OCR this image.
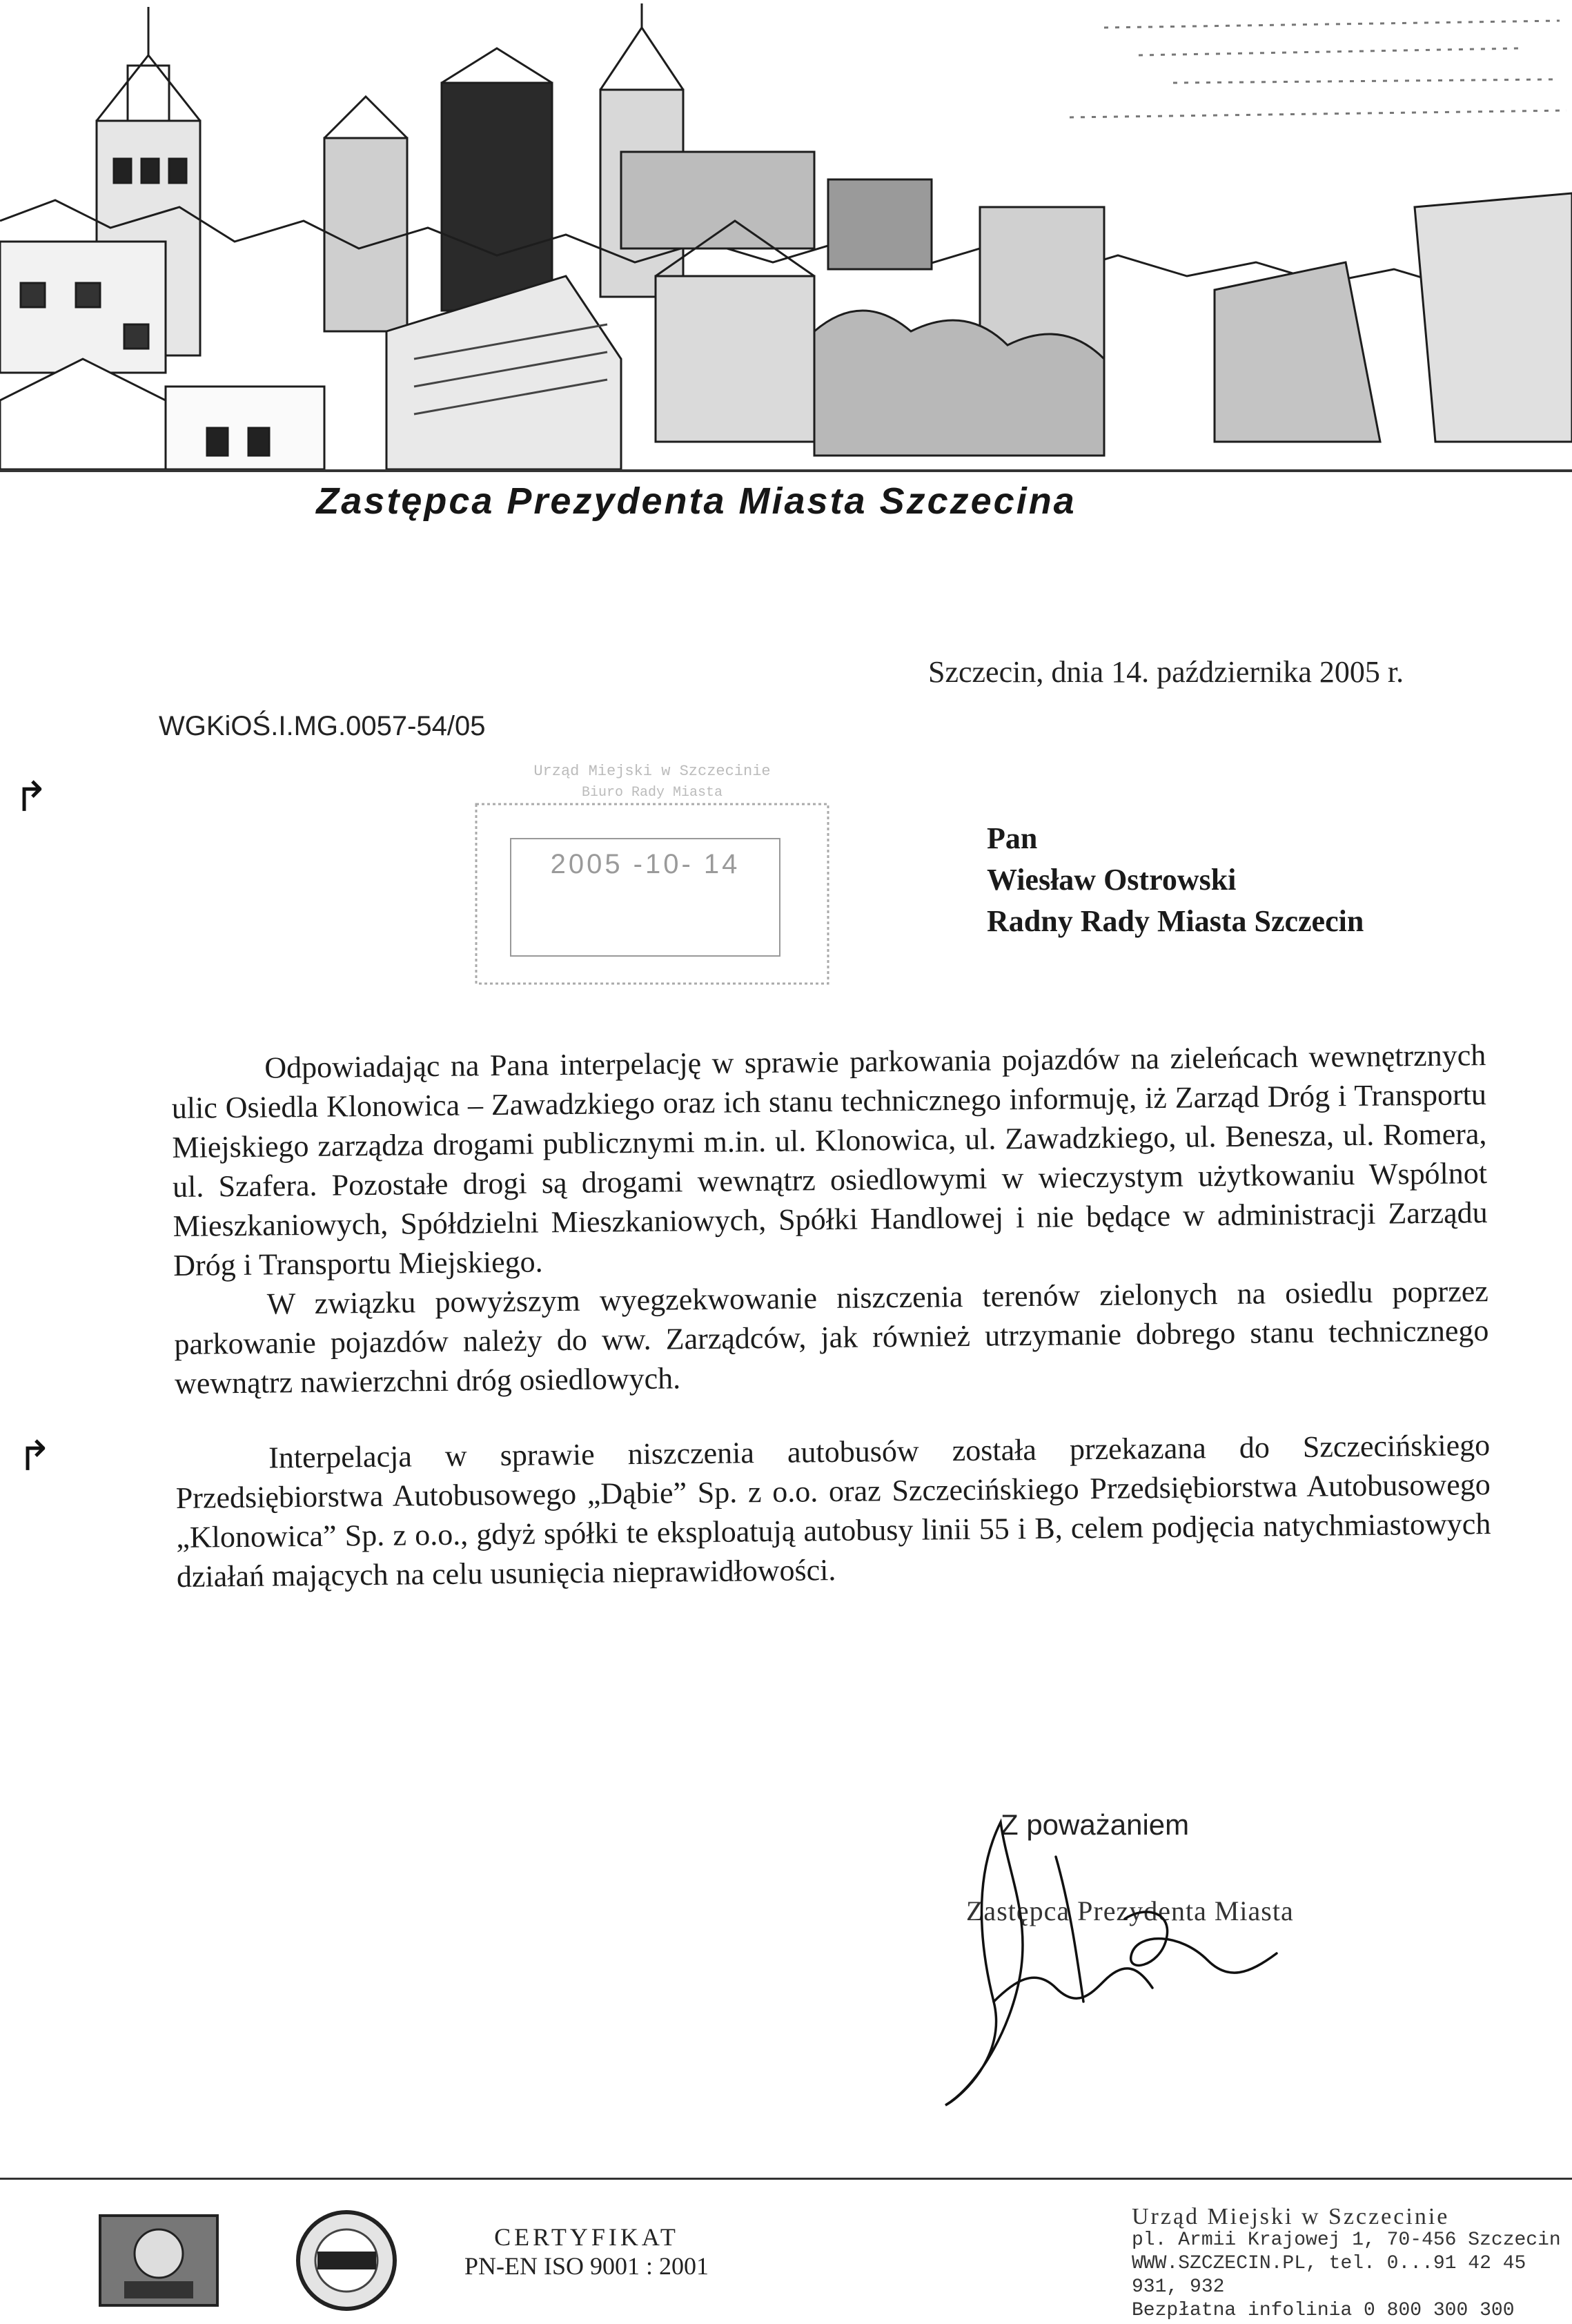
Zastępca Prezydenta Miasta Szczecina
Szczecin, dnia 14. października 2005 r.
WGKiOŚ.I.MG.0057-54/05
↱
↱
Urząd Miejski w Szczecinie
Biuro Rady Miasta
2005 -10- 14
Pan
Wiesław Ostrowski
Radny Rady Miasta Szczecin

Odpowiadając na Pana interpelację w sprawie parkowania pojazdów na zieleńcach wewnętrznych ulic Osiedla Klonowica – Zawadzkiego oraz ich stanu technicznego informuję, iż Zarząd Dróg i Transportu Miejskiego zarządza drogami publicznymi m.in. ul. Klonowica, ul. Zawadzkiego, ul. Benesza, ul. Romera, ul. Szafera. Pozostałe drogi są drogami wewnątrz osiedlowymi w wieczystym użytkowaniu Wspólnot Mieszkaniowych, Spółdzielni Mieszkaniowych, Spółki Handlowej i nie będące w administracji Zarządu Dróg i Transportu Miejskiego.

W związku powyższym wyegzekwowanie niszczenia terenów zielonych na osiedlu poprzez parkowanie pojazdów należy do ww. Zarządców, jak również utrzymanie dobrego stanu technicznego wewnątrz nawierzchni dróg osiedlowych.

Interpelacja w sprawie niszczenia autobusów została przekazana do Szczecińskiego Przedsiębiorstwa Autobusowego „Dąbie” Sp. z o.o. oraz Szczecińskiego Przedsiębiorstwa Autobusowego „Klonowica” Sp. z o.o., gdyż spółki te eksploatują autobusy linii 55 i B, celem podjęcia natychmiastowych działań mających na celu usunięcia nieprawidłowości.

Z poważaniem
Zastępca Prezydenta Miasta
CERTYFIKAT
PN-EN ISO 9001 : 2001
Urząd Miejski w Szczecinie
pl. Armii Krajowej 1, 70-456 Szczecin
WWW.SZCZECIN.PL, tel. 0...91 42 45 931, 932
Bezpłatna infolinia 0 800 300 300
